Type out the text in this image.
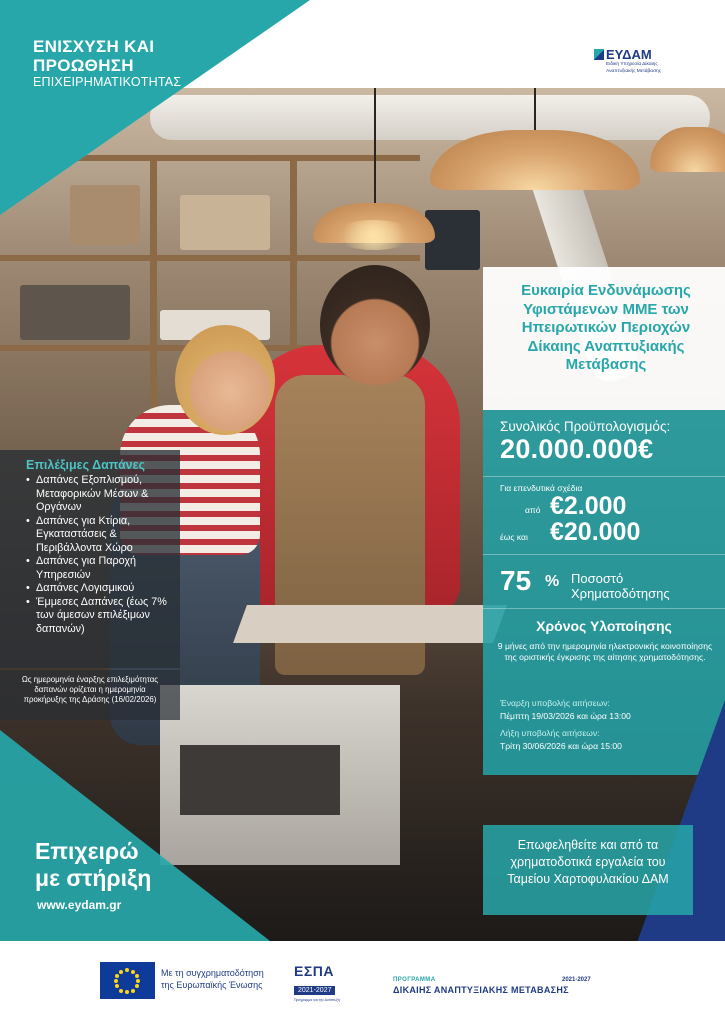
ΕΝΙΣΧΥΣΗ ΚΑΙ
ΠΡΟΩΘΗΣΗ
ΕΠΙΧΕΙΡΗΜΑΤΙΚΟΤΗΤΑΣ
ΕΥΔΑΜ
Ειδική Υπηρεσία Δίκαιης
Αναπτυξιακής Μετάβασης
Ευκαιρία Ενδυνάμωσης Υφιστάμενων ΜΜΕ των Ηπειρωτικών Περιοχών Δίκαιης Αναπτυξιακής Μετάβασης
Συνολικός Προϋπολογισμός:
20.000.000€
Για επενδυτικά σχέδια
από €2.000
έως και €20.000
75 % Ποσοστό
Χρηματοδότησης
Χρόνος Υλοποίησης
9 μήνες από την ημερομηνία ηλεκτρονικής κοινοποίησης της οριστικής έγκρισης της αίτησης χρηματοδότησης.
Έναρξη υποβολής αιτήσεων:
Πέμπτη 19/03/2026 και ώρα 13:00
Λήξη υποβολής αιτήσεων:
Τρίτη 30/06/2026 και ώρα 15:00
Επωφεληθείτε και από τα χρηματοδοτικά εργαλεία του Ταμείου Χαρτοφυλακίου ΔΑΜ
Επιλέξιμες Δαπάνες
• Δαπάνες Εξοπλισμού, Μεταφορικών Μέσων & Οργάνων
• Δαπάνες για Κτίρια, Εγκαταστάσεις & Περιβάλλοντα Χώρο
• Δαπάνες για Παροχή Υπηρεσιών
• Δαπάνες Λογισμικού
• Έμμεσες Δαπάνες (έως 7% των άμεσων επιλέξιμων δαπανών)
Ως ημερομηνία έναρξης επιλεξιμότητας δαπανών ορίζεται η ημερομηνία προκήρυξης της Δράσης (16/02/2026)
Επιχειρώ
με στήριξη
www.eydam.gr
Με τη συγχρηματοδότηση
της Ευρωπαϊκής Ένωσης
ΕΣΠΑ
2021-2027
Πρόγραμμα για την Ανάπτυξη
ΠΡΟΓΡΑΜΜΑ	2021-2027
ΔΙΚΑΙΗΣ ΑΝΑΠΤΥΞΙΑΚΗΣ ΜΕΤΑΒΑΣΗΣ
